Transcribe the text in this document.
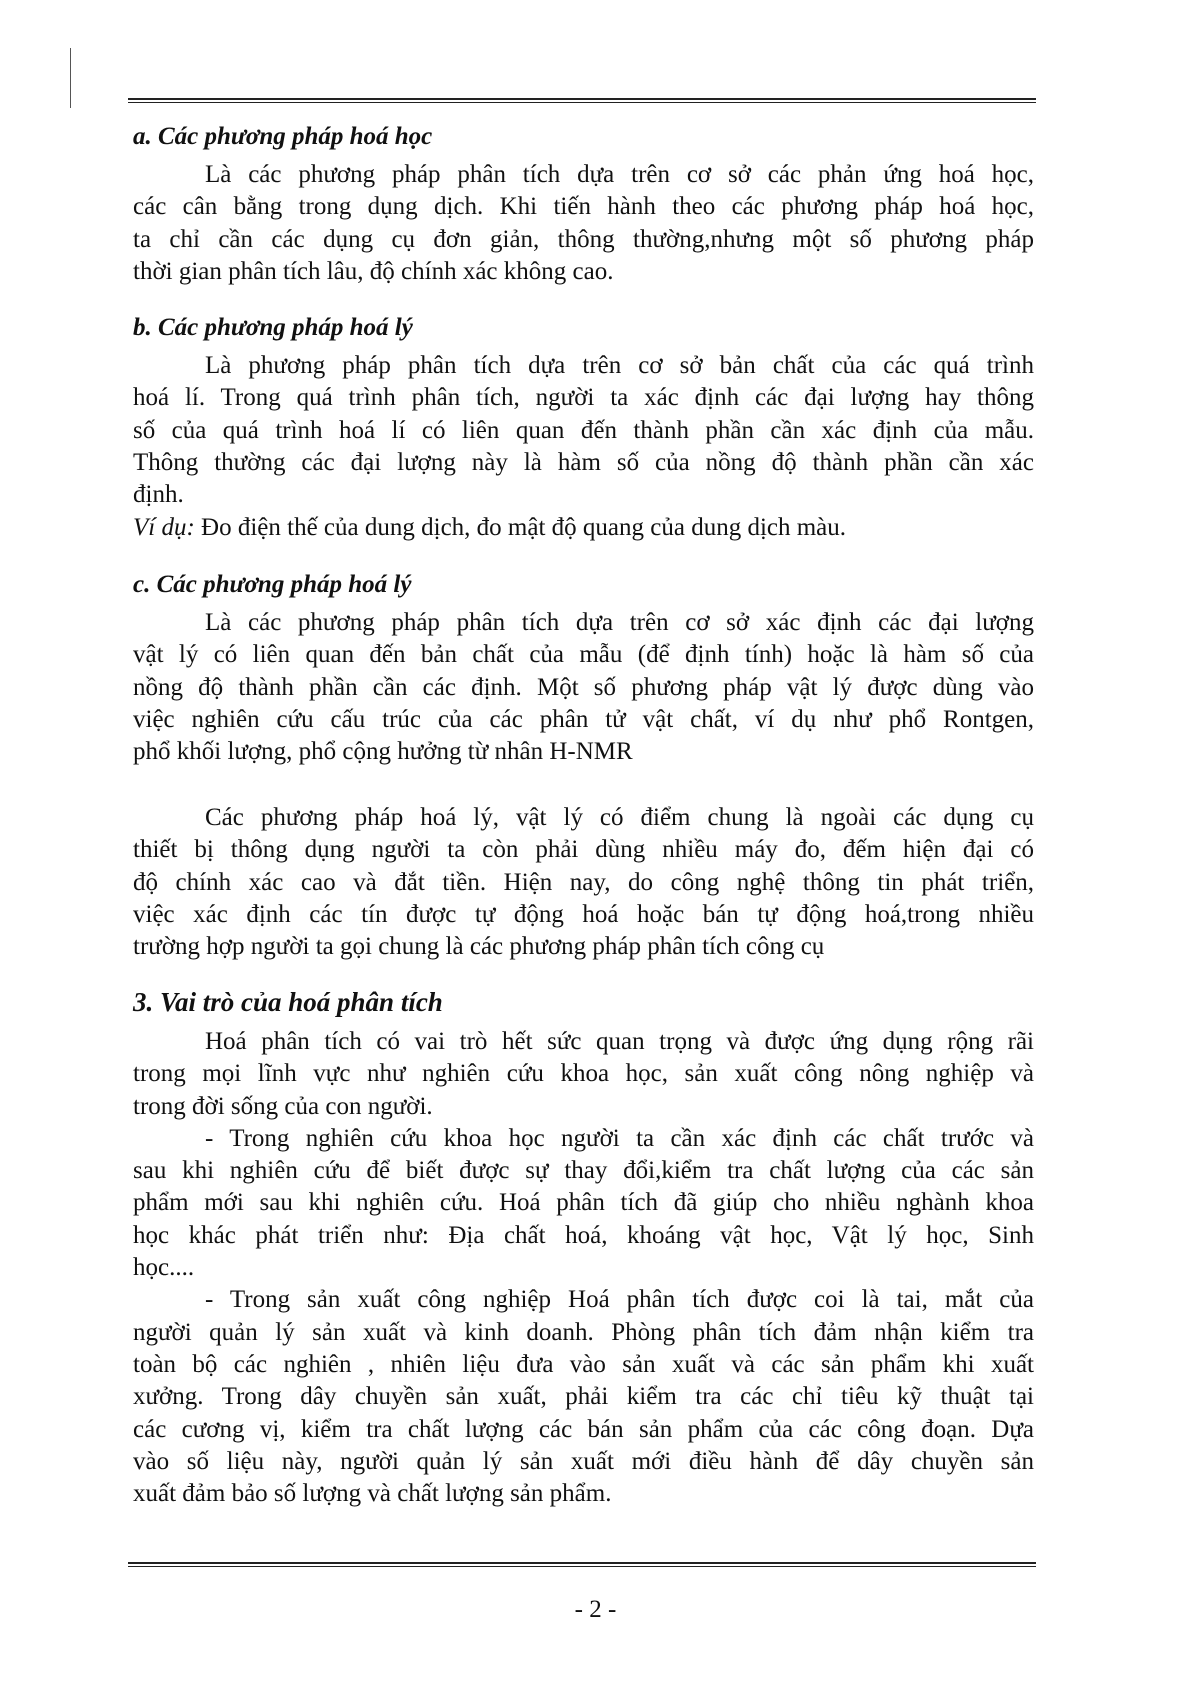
a. Các phương pháp hoá học
Là các phương pháp phân tích dựa trên cơ sở các phản ứng hoá học,
các cân bằng trong dụng dịch. Khi tiến hành theo các phương pháp hoá học,
ta chỉ cần các dụng cụ đơn giản, thông thường,nhưng một số phương pháp
thời gian phân tích lâu, độ chính xác không cao.
b. Các phương pháp hoá lý
Là phương pháp phân tích dựa trên cơ sở bản chất của các quá trình
hoá lí. Trong quá trình phân tích, người ta xác định các đại lượng hay thông
số của quá trình hoá lí có liên quan đến thành phần cần xác định của mẫu.
Thông thường các đại lượng này là hàm số của nồng độ thành phần cần xác
định.
Ví dụ: Đo điện thế của dung dịch, đo mật độ quang của dung dịch màu.
c. Các phương pháp hoá lý
Là các phương pháp phân tích dựa trên cơ sở xác định các đại lượng
vật lý có liên quan đến bản chất của mẫu (để định tính) hoặc là hàm số của
nồng độ thành phần cần các định. Một số phương pháp vật lý được dùng vào
việc nghiên cứu cấu trúc của các phân tử vật chất, ví dụ như phổ Rontgen,
phổ khối lượng, phổ cộng hưởng từ nhân H-NMR
Các phương pháp hoá lý, vật lý có điểm chung là ngoài các dụng cụ
thiết bị thông dụng người ta còn phải dùng nhiều máy đo, đếm hiện đại có
độ chính xác cao và đắt tiền. Hiện nay, do công nghệ thông tin phát triển,
việc xác định các tín được tự động hoá hoặc bán tự động hoá,trong nhiều
trường hợp người ta gọi chung là các phương pháp phân tích công cụ
3. Vai trò của hoá phân tích
Hoá phân tích có vai trò hết sức quan trọng và được ứng dụng rộng rãi
trong mọi lĩnh vực như nghiên cứu khoa học, sản xuất công nông nghiệp và
trong đời sống của con người.
- Trong nghiên cứu khoa học người ta cần xác định các chất trước và
sau khi nghiên cứu để biết được sự thay đổi,kiểm tra chất lượng của các sản
phẩm mới sau khi nghiên cứu. Hoá phân tích đã giúp cho nhiều nghành khoa
học khác phát triển như: Địa chất hoá, khoáng vật học, Vật lý học, Sinh
học....
- Trong sản xuất công nghiệp Hoá phân tích được coi là tai, mắt của
người quản lý sản xuất và kinh doanh. Phòng phân tích đảm nhận kiểm tra
toàn bộ các nghiên , nhiên liệu đưa vào sản xuất và các sản phẩm khi xuất
xưởng. Trong dây chuyền sản xuất, phải kiểm tra các chỉ tiêu kỹ thuật tại
các cương vị, kiểm tra chất lượng các bán sản phẩm của các công đoạn. Dựa
vào số liệu này, người quản lý sản xuất mới điều hành để dây chuyền sản
xuất đảm bảo số lượng và chất lượng sản phẩm.
- 2 -
